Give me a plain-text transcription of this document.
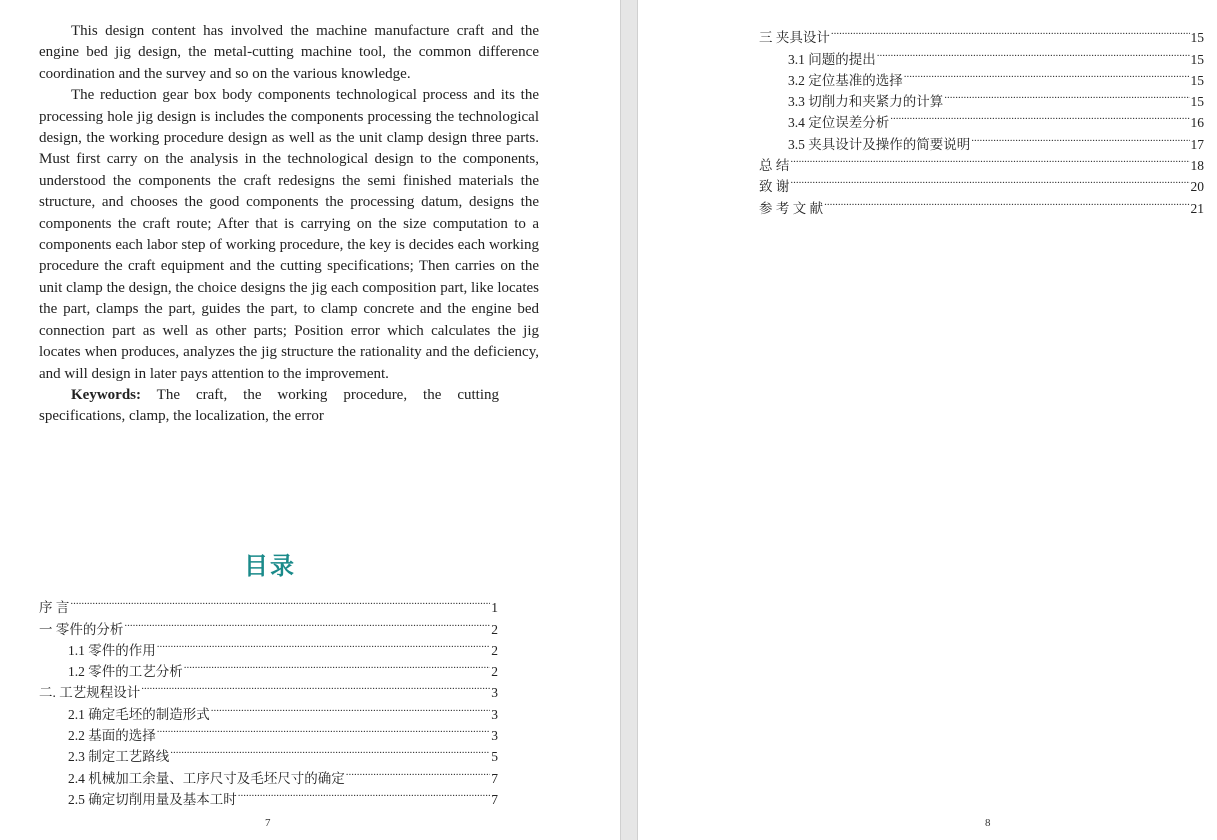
This design content has involved the machine manufacture craft and the engine bed jig design, the metal-cutting machine tool, the common difference coordination and the survey and so on the various knowledge.

The reduction gear box body components technological process and its the processing hole jig design is includes the components processing the technological design, the working procedure design as well as the unit clamp design three parts. Must first carry on the analysis in the technological design to the components, understood the components the craft redesigns the semi finished materials the structure, and chooses the good components the processing datum, designs the components the craft route; After that is carrying on the size computation to a components each labor step of working procedure, the key is decides each working procedure the craft equipment and the cutting specifications; Then carries on the unit clamp the design, the choice designs the jig each composition part, like locates the part, clamps the part, guides the part, to clamp concrete and the engine bed connection part as well as other parts; Position error which calculates the jig locates when produces, analyzes the jig structure the rationality and the deficiency, and will design in later pays attention to the improvement.

Keywords: The craft, the working procedure, the cutting specifications, clamp, the localization, the error

目录
序 言 .....	1
一 零件的分析 .....	2
1.1 零件的作用 .....	2
1.2 零件的工艺分析 .....	2
二. 工艺规程设计 .....	3
2.1 确定毛坯的制造形式 .....	3
2.2 基面的选择 .....	3
2.3 制定工艺路线 .....	5
2.4 机械加工余量、工序尺寸及毛坯尺寸的确定 .....	7
2.5 确定切削用量及基本工时 .....	7
7
三 夹具设计 .....	15
3.1 问题的提出 .....	15
3.2 定位基准的选择 .....	15
3.3 切削力和夹紧力的计算 .....	15
3.4 定位误差分析 .....	16
3.5 夹具设计及操作的简要说明 .....	17
总 结 .....	18
致 谢 .....	20
参 考 文 献 .....	21
8
